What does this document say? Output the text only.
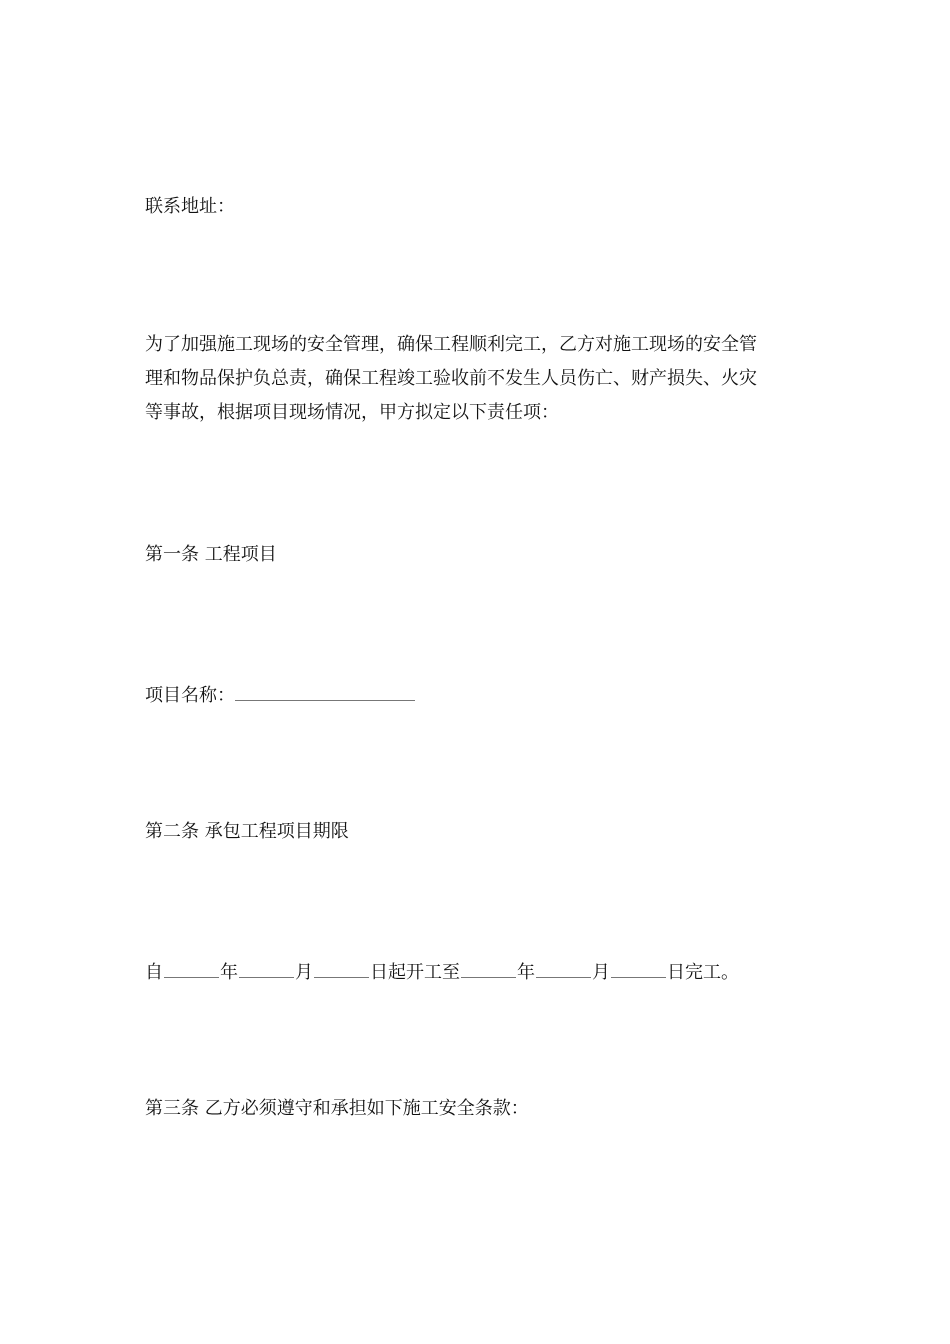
联系地址：

为了加强施工现场的安全管理，确保工程顺利完工，乙方对施工现场的安全管
理和物品保护负总责，确保工程竣工验收前不发生人员伤亡、财产损失、火灾
等事故，根据项目现场情况，甲方拟定以下责任项：

第一条 工程项目

项目名称：

第二条 承包工程项目期限

自	年	月	日起开工至	年	月	日完工。

第三条 乙方必须遵守和承担如下施工安全条款：
